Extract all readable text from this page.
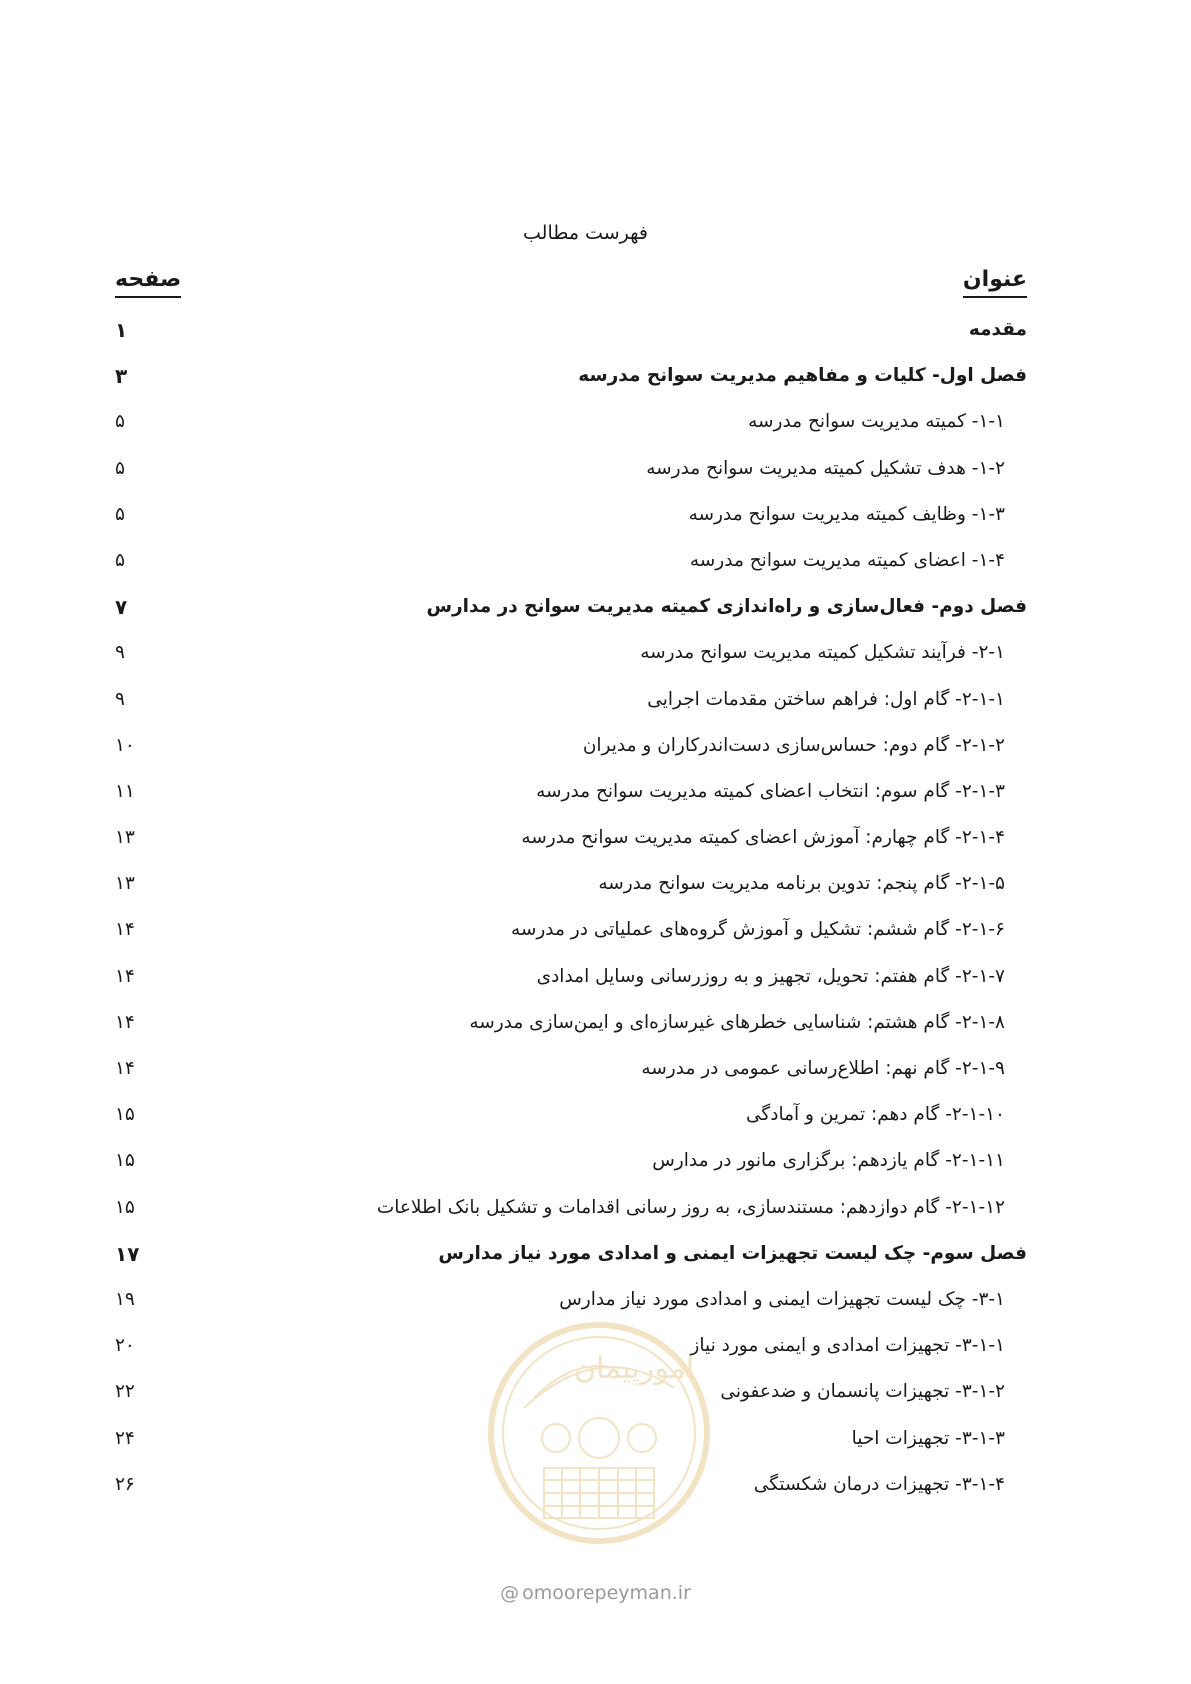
فهرست مطالب
عنوان
صفحه
مقدمه
۱
فصل اول- کلیات و مفاهیم مدیریت سوانح مدرسه
۳
۱-۱- کمیته مدیریت سوانح مدرسه
۵
۱-۲- هدف تشکیل کمیته مدیریت سوانح مدرسه
۵
۱-۳- وظایف کمیته مدیریت سوانح مدرسه
۵
۱-۴- اعضای کمیته مدیریت سوانح مدرسه
۵
فصل دوم- فعال‌سازی و راه‌اندازی کمیته مدیریت سوانح در مدارس
۷
۲-۱- فرآیند تشکیل کمیته مدیریت سوانح مدرسه
۹
۲-۱-۱- گام اول: فراهم ساختن مقدمات اجرایی
۹
۲-۱-۲- گام دوم: حساس‌سازی دست‌اندرکاران و مدیران
۱۰
۲-۱-۳- گام سوم: انتخاب اعضای کمیته مدیریت سوانح مدرسه
۱۱
۲-۱-۴- گام چهارم: آموزش اعضای کمیته مدیریت سوانح مدرسه
۱۳
۲-۱-۵- گام پنجم: تدوین برنامه مدیریت سوانح مدرسه
۱۳
۲-۱-۶- گام ششم: تشکیل و آموزش گروه‌های عملیاتی در مدرسه
۱۴
۲-۱-۷- گام هفتم: تحویل، تجهیز و به روزرسانی وسایل امدادی
۱۴
۲-۱-۸- گام هشتم: شناسایی خطرهای غیرسازه‌ای و ایمن‌سازی مدرسه
۱۴
۲-۱-۹- گام نهم: اطلاع‌رسانی عمومی در مدرسه
۱۴
۲-۱-۱۰- گام دهم: تمرین و آمادگی
۱۵
۲-۱-۱۱- گام یازدهم: برگزاری مانور در مدارس
۱۵
۲-۱-۱۲- گام دوازدهم: مستندسازی، به روز رسانی اقدامات و تشکیل بانک اطلاعات
۱۵
فصل سوم- چک لیست تجهیزات ایمنی و امدادی مورد نیاز مدارس
۱۷
۳-۱- چک لیست تجهیزات ایمنی و امدادی مورد نیاز مدارس
۱۹
۳-۱-۱- تجهیزات امدادی و ایمنی مورد نیاز
۲۰
۳-۱-۲- تجهیزات پانسمان و ضدعفونی
۲۲
۳-۱-۳- تجهیزات احیا
۲۴
۳-۱-۴- تجهیزات درمان شکستگی
۲۶
امورپیمان
@ omoorepeyman.ir
